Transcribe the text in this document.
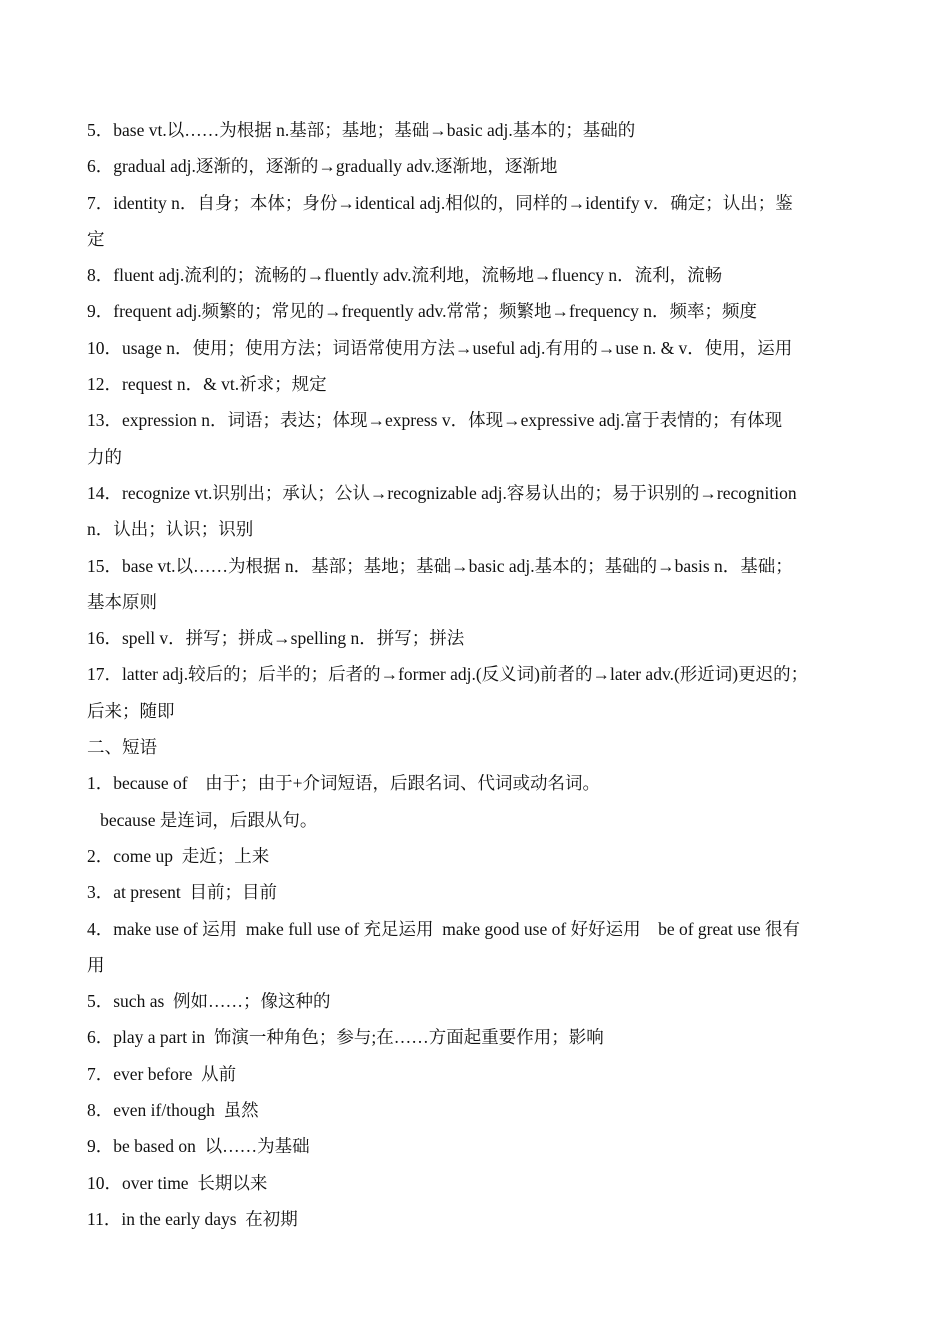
5．base vt.以……为根据 n.基部；基地；基础→basic adj.基本的；基础的

6．gradual adj.逐渐的，逐渐的→gradually adv.逐渐地，逐渐地

7．identity n．自身；本体；身份→identical adj.相似的，同样的→identify v．确定；认出；鉴

定

8．fluent adj.流利的；流畅的→fluently adv.流利地，流畅地→fluency n．流利，流畅

9．frequent adj.频繁的；常见的→frequently adv.常常；频繁地→frequency n．频率；频度

10．usage n．使用；使用方法；词语常使用方法→useful adj.有用的→use n. & v．使用，运用

12．request n．& vt.祈求；规定

13．expression n．词语；表达；体现→express v．体现→expressive adj.富于表情的；有体现

力的

14．recognize vt.识别出；承认；公认→recognizable adj.容易认出的；易于识别的→recognition

n．认出；认识；识别

15．base vt.以……为根据 n．基部；基地；基础→basic adj.基本的；基础的→basis n．基础；

基本原则

16．spell v．拼写；拼成→spelling n．拼写；拼法

17．latter adj.较后的；后半的；后者的→former adj.(反义词)前者的→later adv.(形近词)更迟的；

后来；随即

二、短语

1．because of    由于；由于+介词短语，后跟名词、代词或动名词。

because 是连词，后跟从句。

2．come up  走近；上来

3．at present  目前；目前

4．make use of 运用  make full use of 充足运用  make good use of 好好运用    be of great use 很有

用

5．such as  例如……；像这种的

6．play a part in  饰演一种角色；参与;在……方面起重要作用；影响

7．ever before  从前

8．even if/though  虽然

9．be based on  以……为基础

10．over time  长期以来

11．in the early days  在初期
